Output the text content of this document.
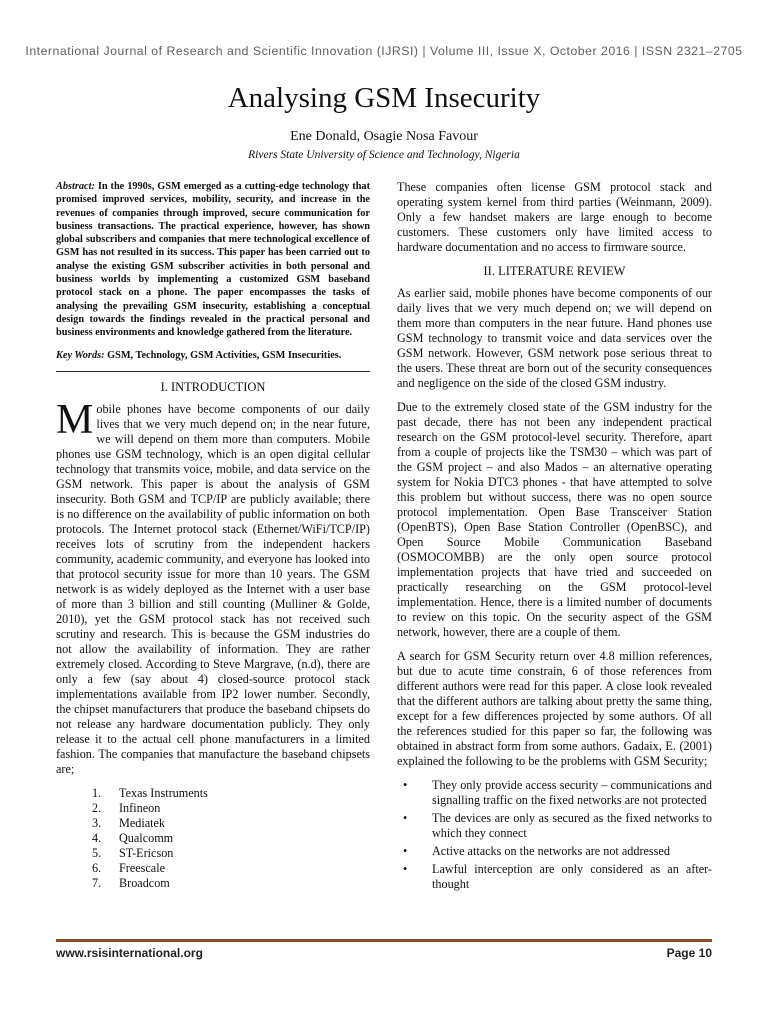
International Journal of Research and Scientific Innovation (IJRSI) | Volume III, Issue X, October 2016 | ISSN 2321–2705
Analysing GSM Insecurity
Ene Donald, Osagie Nosa Favour
Rivers State University of Science and Technology, Nigeria

Abstract: In the 1990s, GSM emerged as a cutting-edge technology that promised improved services, mobility, security, and increase in the revenues of companies through improved, secure communication for business transactions. The practical experience, however, has shown global subscribers and companies that mere technological excellence of GSM has not resulted in its success. This paper has been carried out to analyse the existing GSM subscriber activities in both personal and business worlds by implementing a customized GSM baseband protocol stack on a phone. The paper encompasses the tasks of analysing the prevailing GSM insecurity, establishing a conceptual design towards the findings revealed in the practical personal and business environments and knowledge gathered from the literature.

Key Words: GSM, Technology, GSM Activities, GSM Insecurities.

I. INTRODUCTION

Mobile phones have become components of our daily lives that we very much depend on; in the near future, we will depend on them more than computers. Mobile phones use GSM technology, which is an open digital cellular technology that transmits voice, mobile, and data service on the GSM network. This paper is about the analysis of GSM insecurity. Both GSM and TCP/IP are publicly available; there is no difference on the availability of public information on both protocols. The Internet protocol stack (Ethernet/WiFi/TCP/IP) receives lots of scrutiny from the independent hackers community, academic community, and everyone has looked into that protocol security issue for more than 10 years. The GSM network is as widely deployed as the Internet with a user base of more than 3 billion and still counting (Mulliner & Golde, 2010), yet the GSM protocol stack has not received such scrutiny and research. This is because the GSM industries do not allow the availability of information. They are rather extremely closed. According to Steve Margrave, (n.d), there are only a few (say about 4) closed-source protocol stack implementations available from IP2 lower number. Secondly, the chipset manufacturers that produce the baseband chipsets do not release any hardware documentation publicly. They only release it to the actual cell phone manufacturers in a limited fashion. The companies that manufacture the baseband chipsets are;

1. Texas Instruments
2. Infineon
3. Mediatek
4. Qualcomm
5. ST-Ericson
6. Freescale
7. Broadcom

These companies often license GSM protocol stack and operating system kernel from third parties (Weinmann, 2009). Only a few handset makers are large enough to become customers. These customers only have limited access to hardware documentation and no access to firmware source.

II. LITERATURE REVIEW

As earlier said, mobile phones have become components of our daily lives that we very much depend on; we will depend on them more than computers in the near future. Hand phones use GSM technology to transmit voice and data services over the GSM network. However, GSM network pose serious threat to the users. These threat are born out of the security consequences and negligence on the side of the closed GSM industry.

Due to the extremely closed state of the GSM industry for the past decade, there has not been any independent practical research on the GSM protocol-level security. Therefore, apart from a couple of projects like the TSM30 – which was part of the GSM project – and also Mados – an alternative operating system for Nokia DTC3 phones - that have attempted to solve this problem but without success, there was no open source protocol implementation. Open Base Transceiver Station (OpenBTS), Open Base Station Controller (OpenBSC), and Open Source Mobile Communication Baseband (OSMOCOMBB) are the only open source protocol implementation projects that have tried and succeeded on practically researching on the GSM protocol-level implementation. Hence, there is a limited number of documents to review on this topic. On the security aspect of the GSM network, however, there are a couple of them.

A search for GSM Security return over 4.8 million references, but due to acute time constrain, 6 of those references from different authors were read for this paper. A close look revealed that the different authors are talking about pretty the same thing, except for a few differences projected by some authors. Of all the references studied for this paper so far, the following was obtained in abstract form from some authors. Gadaix, E. (2001) explained the following to be the problems with GSM Security;

• They only provide access security – communications and signalling traffic on the fixed networks are not protected
• The devices are only as secured as the fixed networks to which they connect
• Active attacks on the networks are not addressed
• Lawful interception are only considered as an after-thought
www.rsisinternational.org	Page 10
